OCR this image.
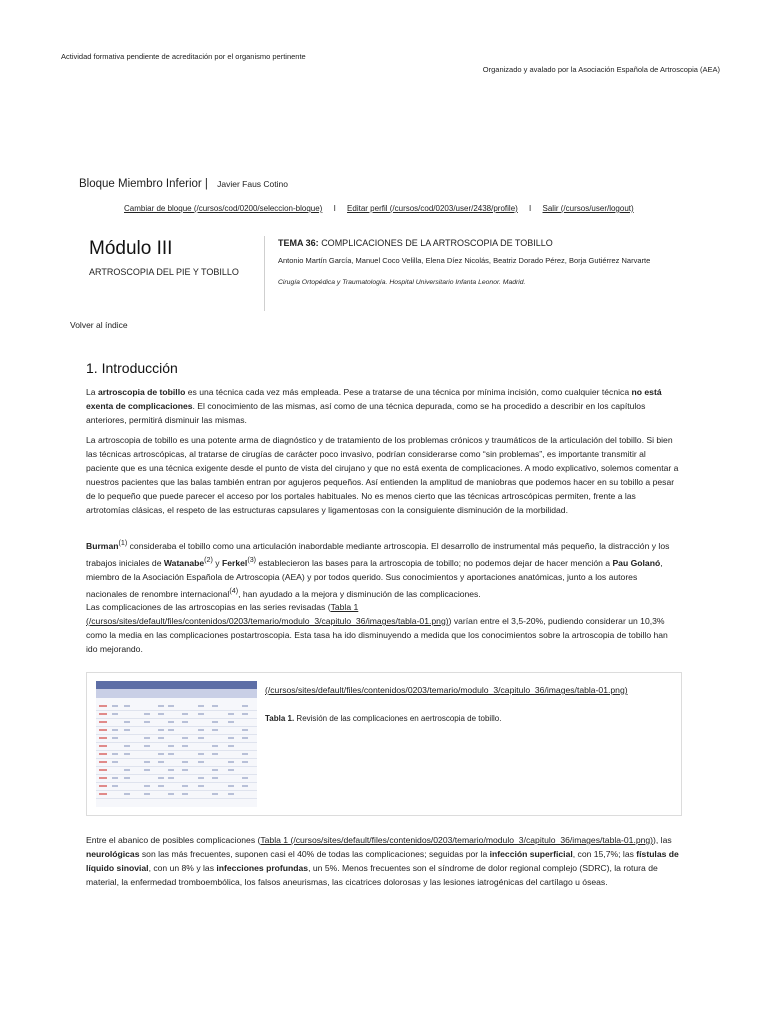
Actividad formativa pendiente de acreditación por el organismo pertinente
Organizado y avalado por la Asociación Española de Artroscopia (AEA)
Bloque Miembro Inferior | Javier Faus Cotino
Cambiar de bloque (/cursos/cod/0200/seleccion-bloque) I Editar perfil (/cursos/cod/0203/user/2438/profile) I Salir (/cursos/user/logout)
Módulo III
ARTROSCOPIA DEL PIE Y TOBILLO
TEMA 36: COMPLICACIONES DE LA ARTROSCOPIA DE TOBILLO
Antonio Martín García, Manuel Coco Velilla, Elena Díez Nicolás, Beatriz Dorado Pérez, Borja Gutiérrez Narvarte
Cirugía Ortopédica y Traumatología. Hospital Universitario Infanta Leonor. Madrid.
Volver al índice
1. Introducción

La artroscopia de tobillo es una técnica cada vez más empleada. Pese a tratarse de una técnica por mínima incisión, como cualquier técnica no está exenta de complicaciones. El conocimiento de las mismas, así como de una técnica depurada, como se ha procedido a describir en los capítulos anteriores, permitirá disminuir las mismas.

La artroscopia de tobillo es una potente arma de diagnóstico y de tratamiento de los problemas crónicos y traumáticos de la articulación del tobillo. Si bien las técnicas artroscópicas, al tratarse de cirugías de carácter poco invasivo, podrían considerarse como “sin problemas”, es importante transmitir al paciente que es una técnica exigente desde el punto de vista del cirujano y que no está exenta de complicaciones. A modo explicativo, solemos comentar a nuestros pacientes que las balas también entran por agujeros pequeños. Así entienden la amplitud de maniobras que podemos hacer en su tobillo a pesar de lo pequeño que puede parecer el acceso por los portales habituales. No es menos cierto que las técnicas artroscópicas permiten, frente a las artrotomías clásicas, el respeto de las estructuras capsulares y ligamentosas con la consiguiente disminución de la morbilidad.

Burman$^{(1)}$ consideraba el tobillo como una articulación inabordable mediante artroscopia. El desarrollo de instrumental más pequeño, la distracción y los trabajos iniciales de Watanabe$^{(2)}$ y Ferkel$^{(3)}$ establecieron las bases para la artroscopia de tobillo; no podemos dejar de hacer mención a Pau Golanó, miembro de la Asociación Española de Artroscopia (AEA) y por todos querido. Sus conocimientos y aportaciones anatómicas, junto a los autores nacionales de renombre internacional$^{(4)}$, han ayudado a la mejora y disminución de las complicaciones.

Las complicaciones de las artroscopias en las series revisadas (Tabla 1 (/cursos/sites/default/files/contenidos/0203/temario/modulo_3/capitulo_36/images/tabla-01.png)) varían entre el 3,5-20%, pudiendo considerar un 10,3% como la media en las complicaciones postartroscopia. Esta tasa ha ido disminuyendo a medida que los conocimientos sobre la artroscopia de tobillo han ido mejorando.

(/cursos/sites/default/files/contenidos/0203/temario/modulo_3/capitulo_36/images/tabla-01.png)
Tabla 1. Revisión de las complicaciones en aertroscopia de tobillo.

Entre el abanico de posibles complicaciones (Tabla 1 (/cursos/sites/default/files/contenidos/0203/temario/modulo_3/capitulo_36/images/tabla-01.png)), las neurológicas son las más frecuentes, suponen casi el 40% de todas las complicaciones; seguidas por la infección superficial, con 15,7%; las fístulas de líquido sinovial, con un 8% y las infecciones profundas, un 5%. Menos frecuentes son el síndrome de dolor regional complejo (SDRC), la rotura de material, la enfermedad tromboembólica, los falsos aneurismas, las cicatrices dolorosas y las lesiones iatrogénicas del cartílago u óseas.
